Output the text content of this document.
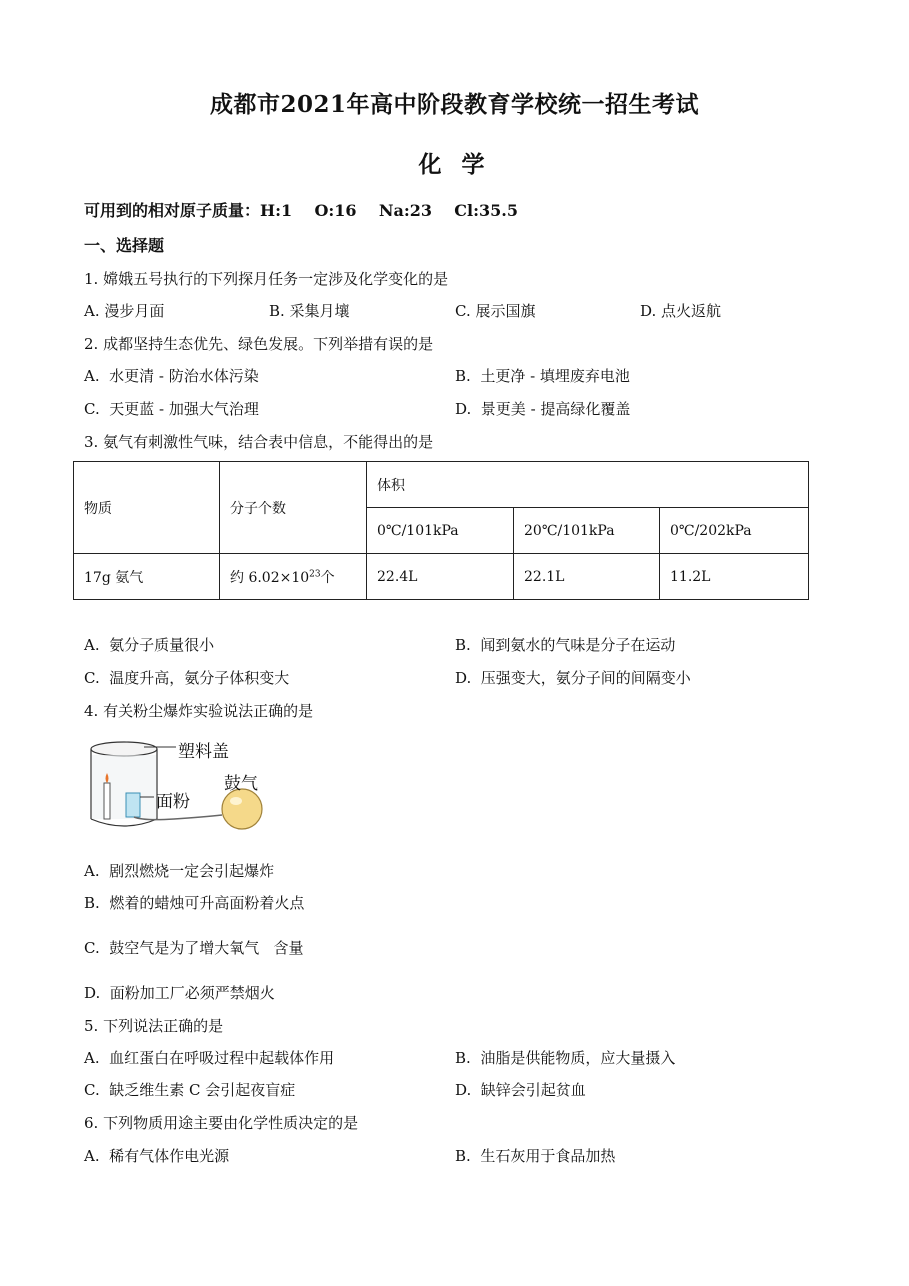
成都市2021年高中阶段教育学校统一招生考试
化 学
可用到的相对原子质量：H:1    O:16    Na:23    Cl:35.5
一、选择题
1. 嫦娥五号执行的下列探月任务一定涉及化学变化的是
A. 漫步月面	B. 采集月壤	C. 展示国旗	D. 点火返航
2. 成都坚持生态优先、绿色发展。下列举措有误的是
A.  水更清 - 防治水体污染	B.  土更净 - 填埋废弃电池
C.  天更蓝 - 加强大气治理	D.  景更美 - 提高绿化覆盖
3. 氨气有刺激性气味，结合表中信息，不能得出的是
物质	分子个数	体积		
		0℃/101kPa	20℃/101kPa	0℃/202kPa
17g 氨气	约 $6.02\times 10^{23}$个	22.4L	22.1L	11.2L
A.  氨分子质量很小	B.  闻到氨水的气味是分子在运动
C.  温度升高，氨分子体积变大	D.  压强变大，氨分子间的间隔变小
4. 有关粉尘爆炸实验说法正确的是
塑料盖
面粉
鼓气
A.  剧烈燃烧一定会引起爆炸
B.  燃着的蜡烛可升高面粉着火点
C.  鼓空气是为了增大氧气   含量
D.  面粉加工厂必须严禁烟火
5. 下列说法正确的是
A.  血红蛋白在呼吸过程中起载体作用	B.  油脂是供能物质，应大量摄入
C.  缺乏维生素 C 会引起夜盲症	D.  缺锌会引起贫血
6. 下列物质用途主要由化学性质决定的是
A.  稀有气体作电光源	B.  生石灰用于食品加热
